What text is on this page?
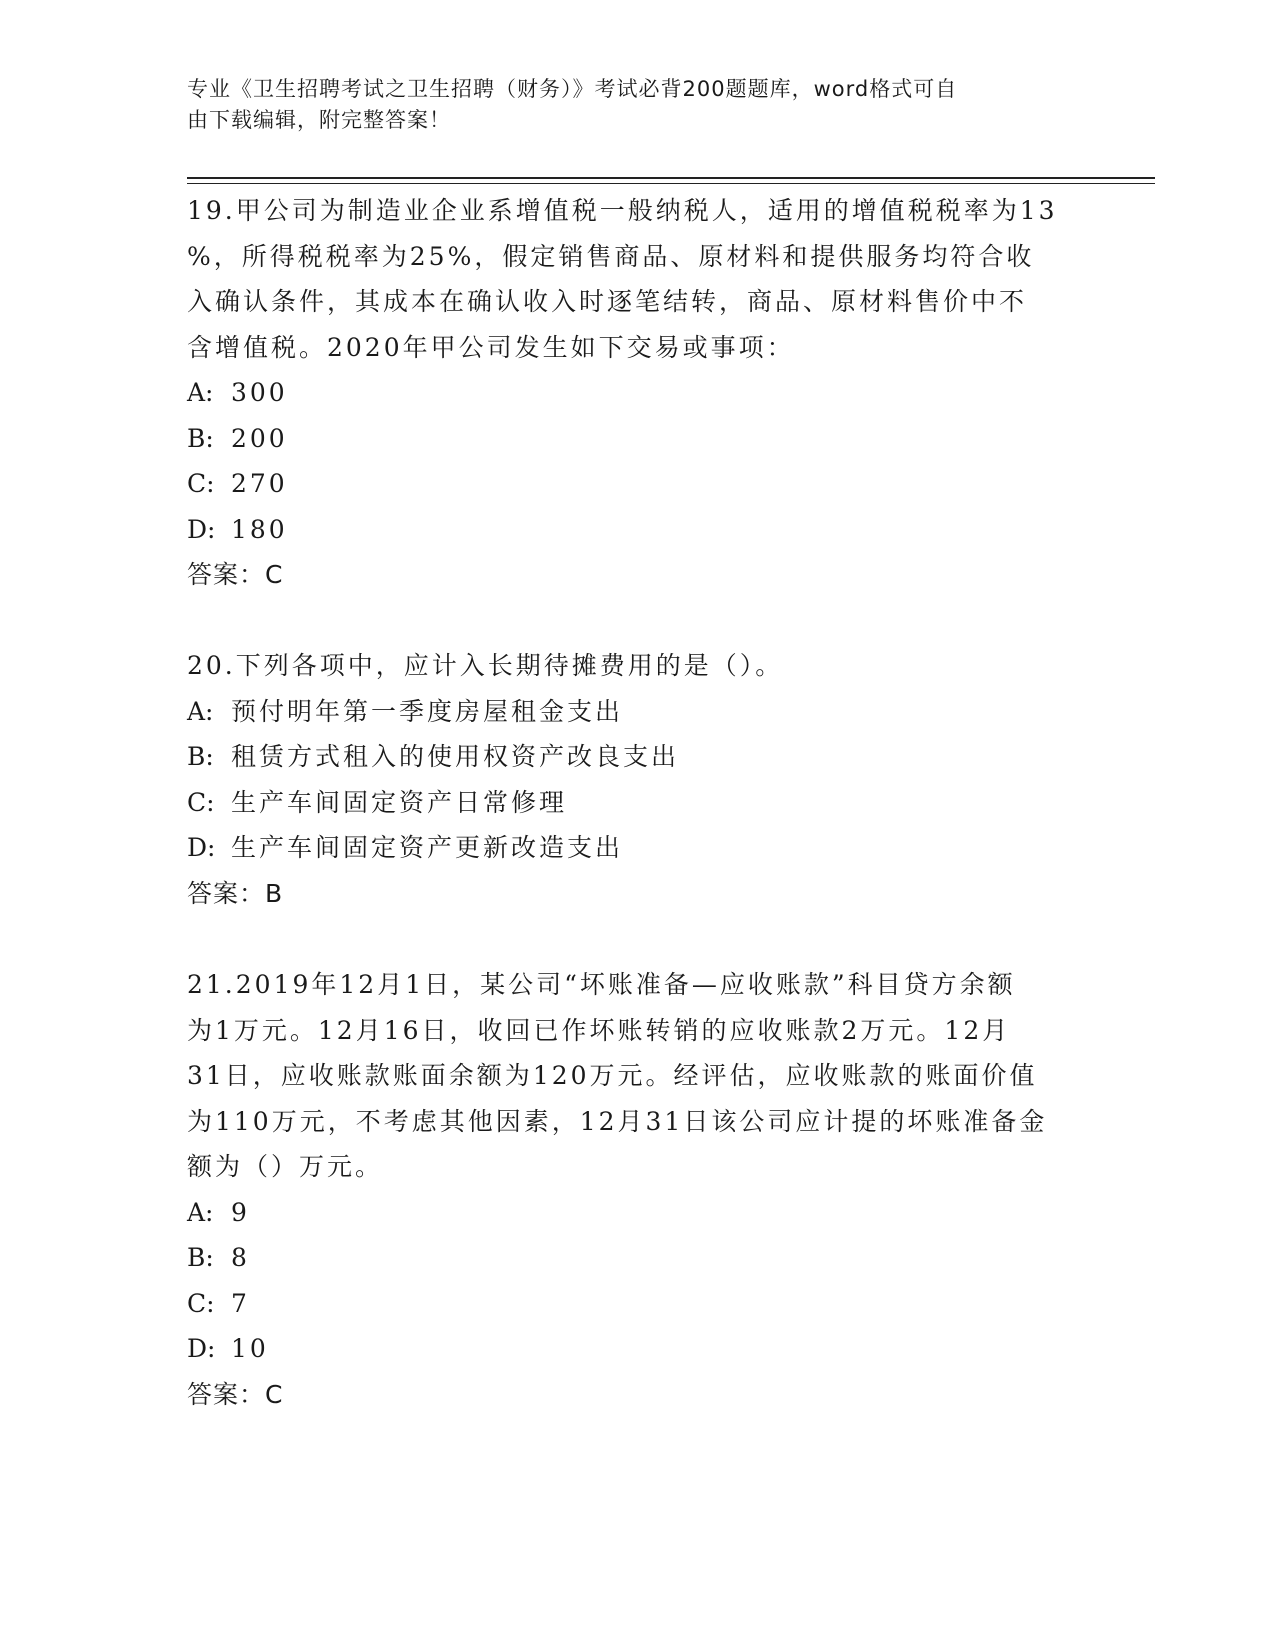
专业《卫生招聘考试之卫生招聘（财务）》考试必背200题题库，word格式可自
由下载编辑，附完整答案！
19.甲公司为制造业企业系增值税一般纳税人，适用的增值税税率为13
%，所得税税率为25%，假定销售商品、原材料和提供服务均符合收
入确认条件，其成本在确认收入时逐笔结转，商品、原材料售价中不
含增值税。2020年甲公司发生如下交易或事项：
A: 300
B: 200
C: 270
D: 180
答案：C
20.下列各项中，应计入长期待摊费用的是（）。
A: 预付明年第一季度房屋租金支出
B: 租赁方式租入的使用权资产改良支出
C: 生产车间固定资产日常修理
D: 生产车间固定资产更新改造支出
答案：B
21.2019年12月1日，某公司“坏账准备—应收账款”科目贷方余额
为1万元。12月16日，收回已作坏账转销的应收账款2万元。12月
31日，应收账款账面余额为120万元。经评估，应收账款的账面价值
为110万元，不考虑其他因素，12月31日该公司应计提的坏账准备金
额为（）万元。
A: 9
B: 8
C: 7
D: 10
答案：C
